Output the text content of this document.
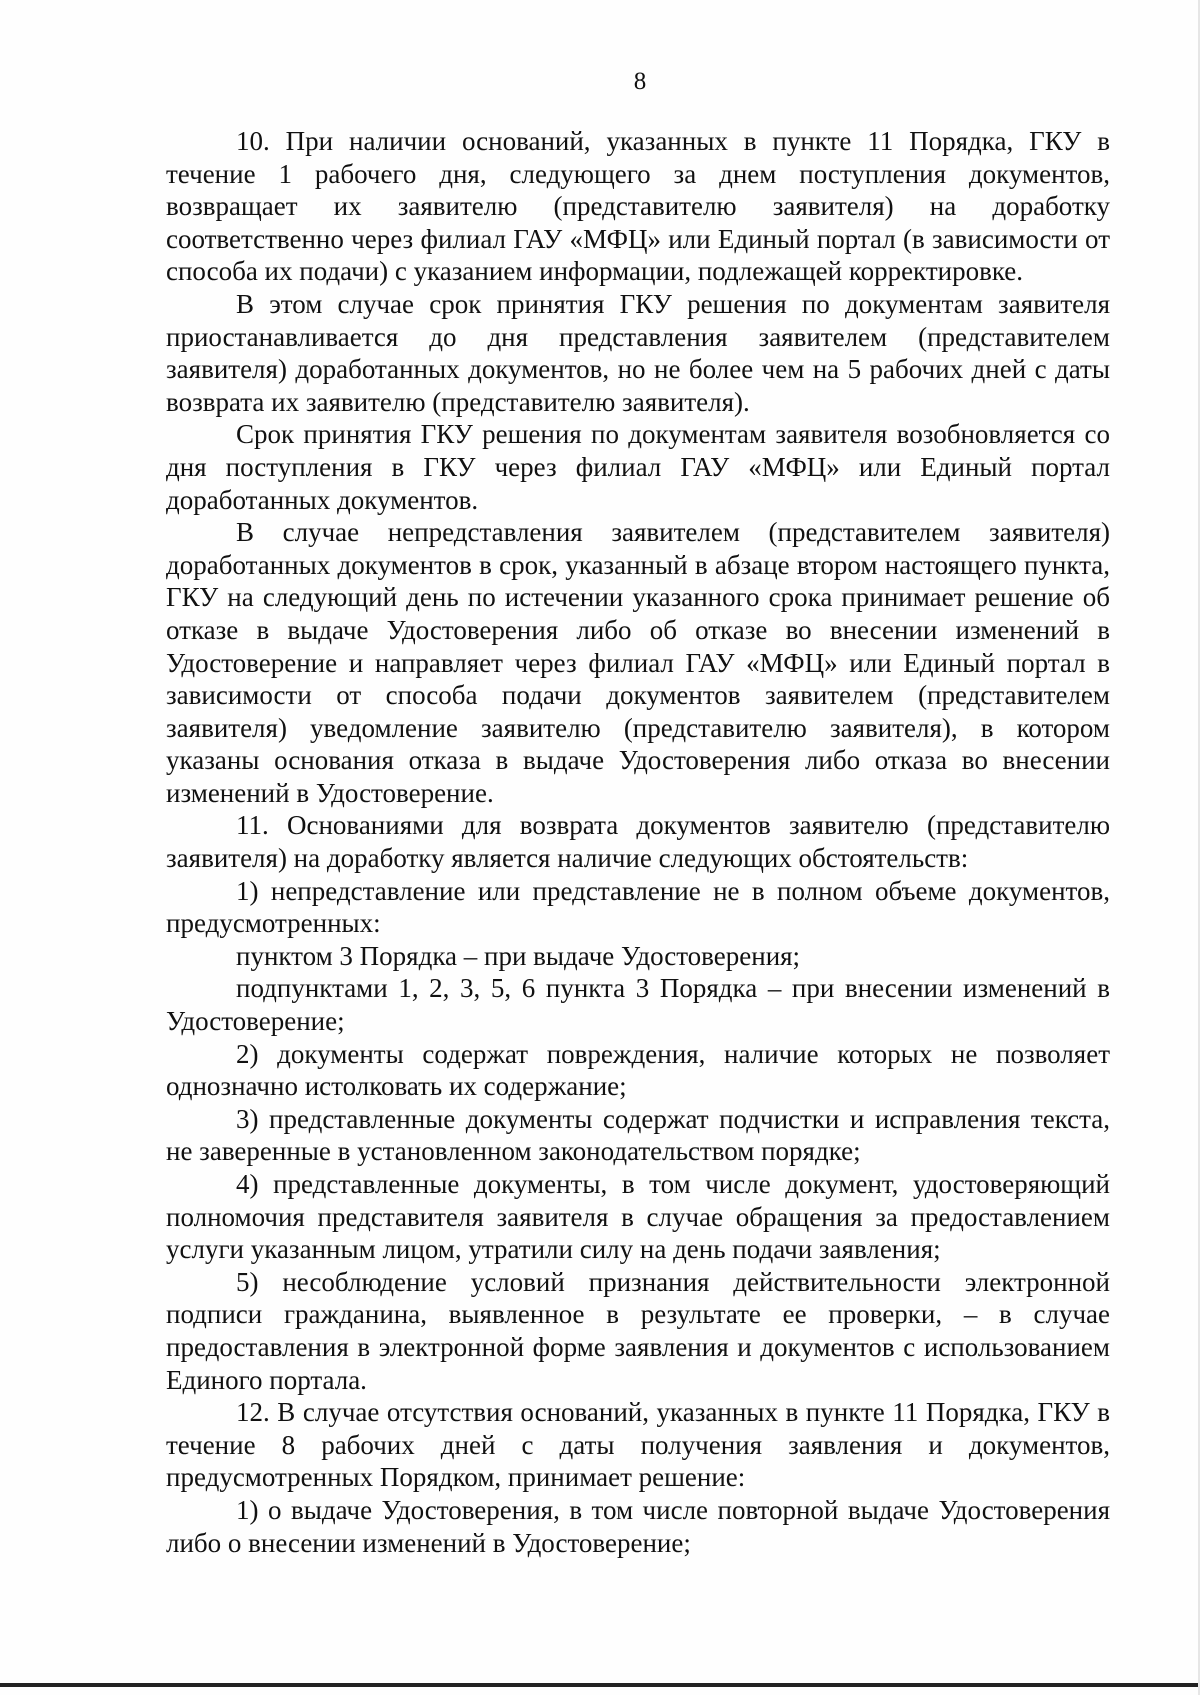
8

10. При наличии оснований, указанных в пункте 11 Порядка, ГКУ в течение 1 рабочего дня, следующего за днем поступления документов, возвращает их заявителю (представителю заявителя) на доработку соответственно через филиал ГАУ «МФЦ» или Единый портал (в зависимости от способа их подачи) с указанием информации, подлежащей корректировке.

В этом случае срок принятия ГКУ решения по документам заявителя приостанавливается до дня представления заявителем (представителем заявителя) доработанных документов, но не более чем на 5 рабочих дней с даты возврата их заявителю (представителю заявителя).

Срок принятия ГКУ решения по документам заявителя возобновляется со дня поступления в ГКУ через филиал ГАУ «МФЦ» или Единый портал доработанных документов.

В случае непредставления заявителем (представителем заявителя) доработанных документов в срок, указанный в абзаце втором настоящего пункта, ГКУ на следующий день по истечении указанного срока принимает решение об отказе в выдаче Удостоверения либо об отказе во внесении изменений в Удостоверение и направляет через филиал ГАУ «МФЦ» или Единый портал в зависимости от способа подачи документов заявителем (представителем заявителя) уведомление заявителю (представителю заявителя), в котором указаны основания отказа в выдаче Удостоверения либо отказа во внесении изменений в Удостоверение.

11. Основаниями для возврата документов заявителю (представителю заявителя) на доработку является наличие следующих обстоятельств:

1) непредставление или представление не в полном объеме документов, предусмотренных:

пунктом 3 Порядка – при выдаче Удостоверения;

подпунктами 1, 2, 3, 5, 6 пункта 3 Порядка – при внесении изменений в Удостоверение;

2) документы содержат повреждения, наличие которых не позволяет однозначно истолковать их содержание;

3) представленные документы содержат подчистки и исправления текста, не заверенные в установленном законодательством порядке;

4) представленные документы, в том числе документ, удостоверяющий полномочия представителя заявителя в случае обращения за предоставлением услуги указанным лицом, утратили силу на день подачи заявления;

5) несоблюдение условий признания действительности электронной подписи гражданина, выявленное в результате ее проверки, – в случае предоставления в электронной форме заявления и документов с использованием Единого портала.

12. В случае отсутствия оснований, указанных в пункте 11 Порядка, ГКУ в течение 8 рабочих дней с даты получения заявления и документов, предусмотренных Порядком, принимает решение:

1) о выдаче Удостоверения, в том числе повторной выдаче Удостоверения либо о внесении изменений в Удостоверение;
